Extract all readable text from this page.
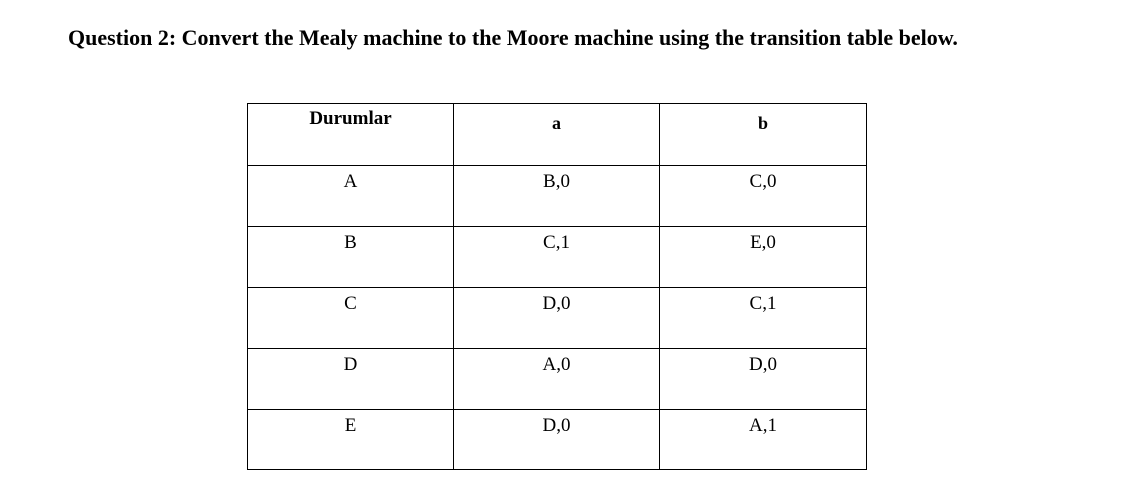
Question 2: Convert the Mealy machine to the Moore machine using the transition table below.

Durumlar	a	b
A	B,0	C,0
B	C,1	E,0
C	D,0	C,1
D	A,0	D,0
E	D,0	A,1
